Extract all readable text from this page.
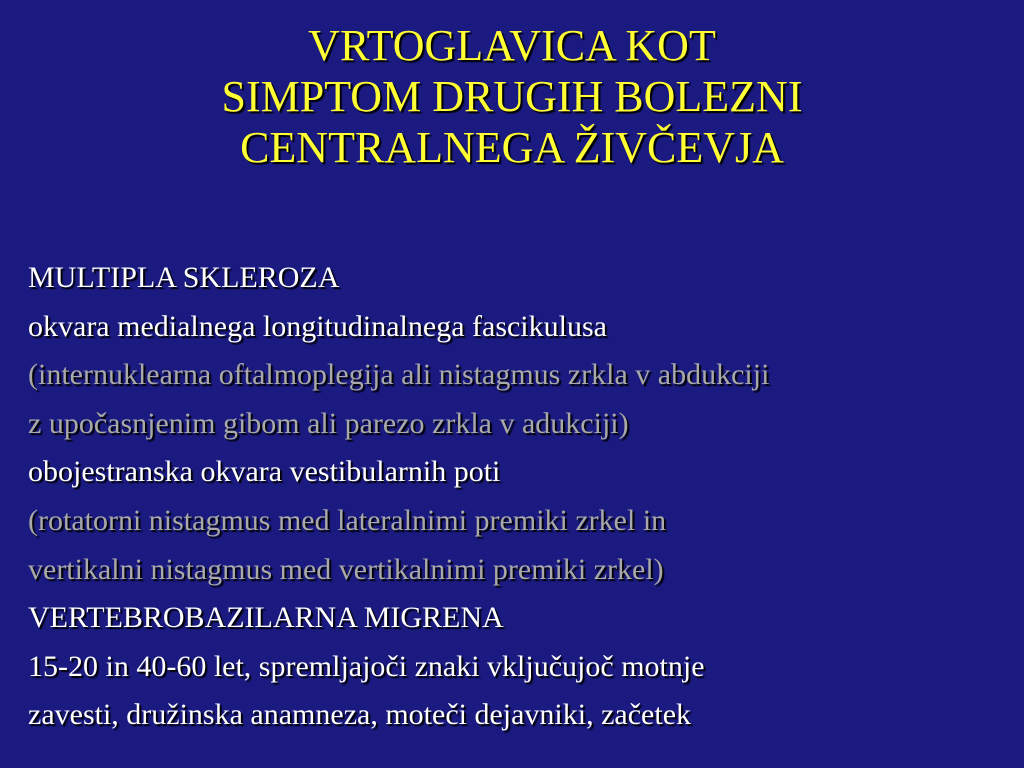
VRTOGLAVICA KOT
SIMPTOM DRUGIH BOLEZNI
CENTRALNEGA ŽIVČEVJA
MULTIPLA SKLEROZA
okvara medialnega longitudinalnega fascikulusa
(internuklearna oftalmoplegija ali nistagmus zrkla v abdukciji
z upočasnjenim gibom ali parezo zrkla v adukciji)
obojestranska okvara vestibularnih poti
(rotatorni nistagmus med lateralnimi premiki zrkel in
vertikalni nistagmus med vertikalnimi premiki zrkel)
VERTEBROBAZILARNA MIGRENA
15-20 in 40-60 let, spremljajoči znaki vključujoč motnje
zavesti, družinska anamneza, moteči dejavniki, začetek
